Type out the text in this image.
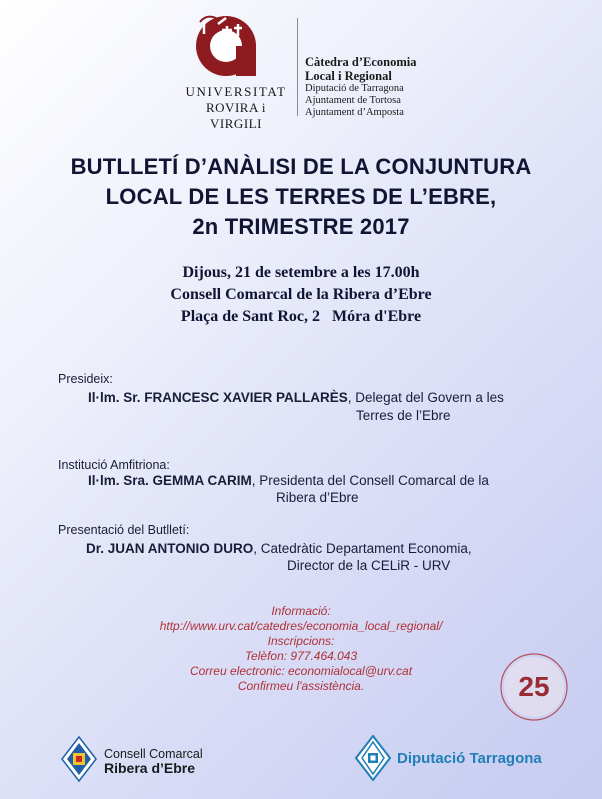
UNIVERSITAT
ROVIRA i VIRGILI
Càtedra d’Economia
Local i Regional
Diputació de Tarragona
Ajuntament de Tortosa
Ajuntament d’Amposta
BUTLLETÍ D’ANÀLISI DE LA CONJUNTURA
LOCAL DE LES TERRES DE L’EBRE,
2n TRIMESTRE 2017
Dijous, 21 de setembre a les 17.00h
Consell Comarcal de la Ribera d’Ebre
Plaça de Sant Roc, 2   Móra d'Ebre
Presideix:
Il·lm. Sr. FRANCESC XAVIER PALLARÈS, Delegat del Govern a les
Terres de l’Ebre
Institució Amfitriona:
Il·lm. Sra. GEMMA CARIM, Presidenta del Consell Comarcal de la
Ribera d’Ebre
Presentació del Butlletí:
Dr. JUAN ANTONIO DURO, Catedràtic Departament Economia,
Director de la CELiR - URV
Informació:
http://www.urv.cat/catedres/economia_local_regional/
Inscripcions:
Telèfon: 977.464.043
Correu electronic: economialocal@urv.cat
Confirmeu l'assistència.	25
Consell Comarcal
Ribera d’Ebre
Diputació Tarragona
